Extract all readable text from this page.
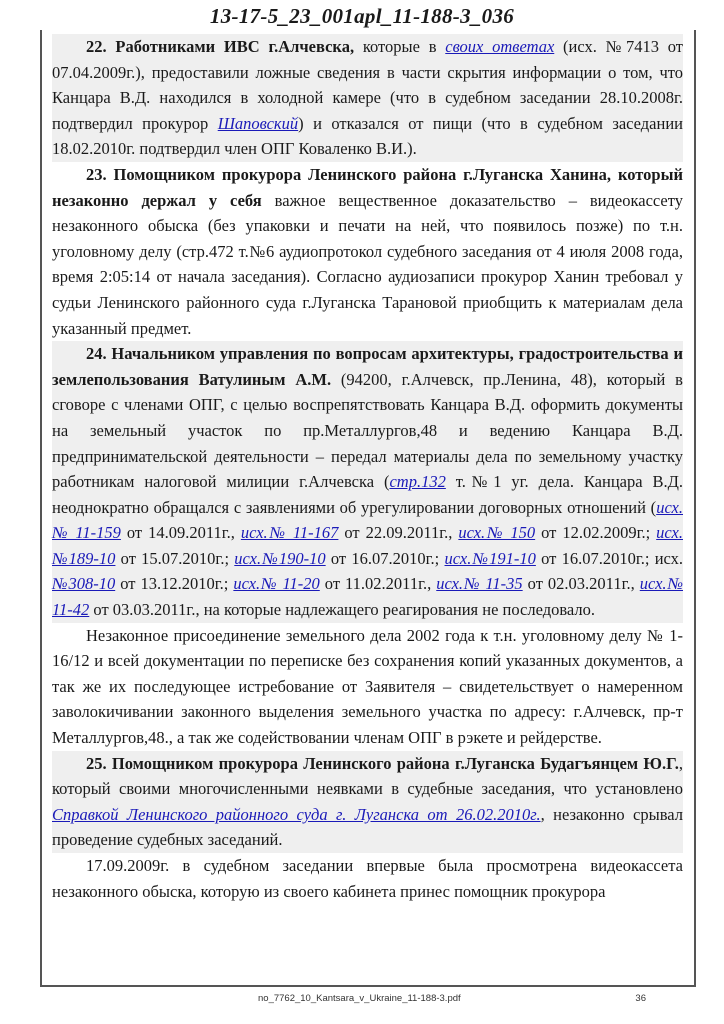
13-17-5_23_001apl_11-188-3_036

22. Работниками ИВС г.Алчевска, которые в своих ответах (исх. №7413 от 07.04.2009г.), предоставили ложные сведения в части скрытия информации о том, что Канцара В.Д. находился в холодной камере (что в судебном заседании 28.10.2008г. подтвердил прокурор Шаповский) и отказался от пищи (что в судебном заседании 18.02.2010г. подтвердил член ОПГ Коваленко В.И.).

23. Помощником прокурора Ленинского района г.Луганска Ханина, который незаконно держал у себя важное вещественное доказательство – видеокассету незаконного обыска (без упаковки и печати на ней, что появилось позже) по т.н. уголовному делу (стр.472 т.№6 аудиопротокол судебного заседания от 4 июля 2008 года, время 2:05:14 от начала заседания). Согласно аудиозаписи прокурор Ханин требовал у судьи Ленинского районного суда г.Луганска Тарановой приобщить к материалам дела указанный предмет.

24. Начальником управления по вопросам архитектуры, градостроительства и землепользования Ватулиным А.М. (94200, г.Алчевск, пр.Ленина, 48), который в сговоре с членами ОПГ, с целью воспрепятствовать Канцара В.Д. оформить документы на земельный участок по пр.Металлургов,48 и ведению Канцара В.Д. предпринимательской деятельности – передал материалы дела по земельному участку работникам налоговой милиции г.Алчевска (стр.132 т.№1 уг. дела. Канцара В.Д. неоднократно обращался с заявлениями об урегулировании договорных отношений (исх.№ 11-159 от 14.09.2011г., исх.№ 11-167 от 22.09.2011г., исх.№ 150 от 12.02.2009г.; исх.№189-10 от 15.07.2010г.; исх.№190-10 от 16.07.2010г.; исх.№191-10 от 16.07.2010г.; исх.№308-10 от 13.12.2010г.; исх.№ 11-20 от 11.02.2011г., исх.№ 11-35 от 02.03.2011г., исх.№ 11-42 от 03.03.2011г., на которые надлежащего реагирования не последовало.

Незаконное присоединение земельного дела 2002 года к т.н. уголовному делу № 1-16/12 и всей документации по переписке без сохранения копий указанных документов, а так же их последующее истребование от Заявителя – свидетельствует о намеренном заволокичивании законного выделения земельного участка по адресу: г.Алчевск, пр-т Металлургов,48., а так же содействовании членам ОПГ в рэкете и рейдерстве.

25. Помощником прокурора Ленинского района г.Луганска Будагъянцем Ю.Г., который своими многочисленными неявками в судебные заседания, что установлено Справкой Ленинского районного суда г. Луганска от 26.02.2010г., незаконно срывал проведение судебных заседаний.

17.09.2009г. в судебном заседании впервые была просмотрена видеокассета незаконного обыска, которую из своего кабинета принес помощник прокурора

no_7762_10_Kantsara_v_Ukraine_11-188-3.pdf	36
